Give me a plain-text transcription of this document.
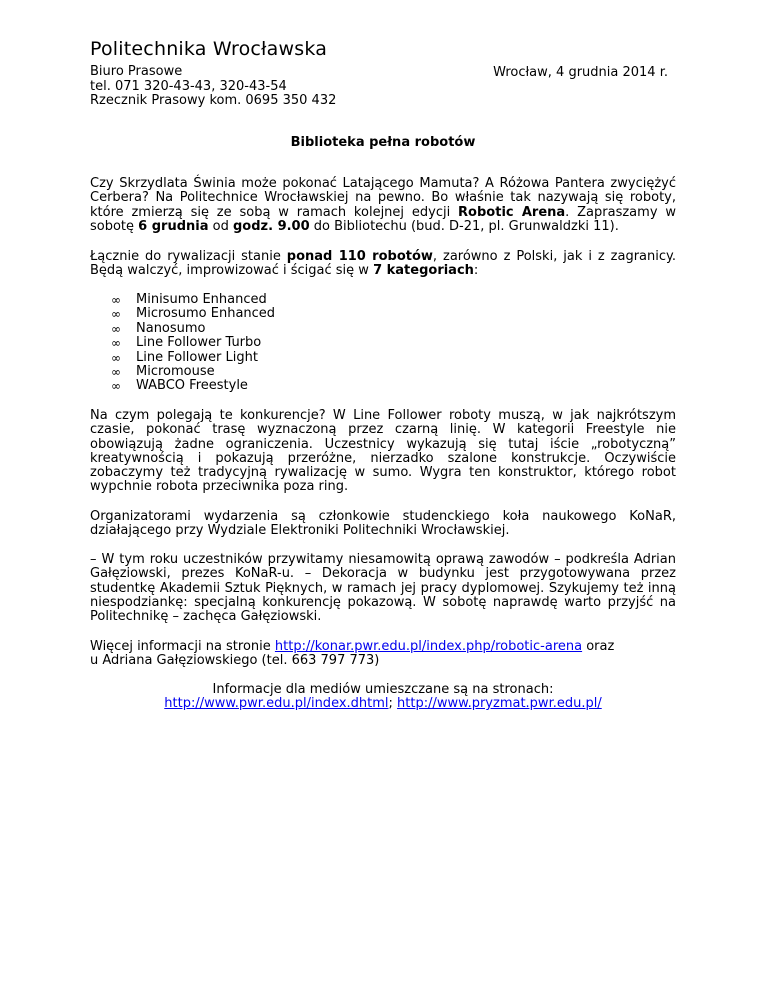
Politechnika Wrocławska
Biuro Prasowe
tel. 071 320-43-43, 320-43-54
Rzecznik Prasowy kom. 0695 350 432
Wrocław, 4 grudnia 2014 r.
Biblioteka pełna robotów
Czy Skrzydlata Świnia może pokonać Latającego Mamuta? A Różowa Pantera zwyciężyć Cerbera? Na Politechnice Wrocławskiej na pewno. Bo właśnie tak nazywają się roboty, które zmierzą się ze sobą w ramach kolejnej edycji Robotic Arena. Zapraszamy w sobotę 6 grudnia od godz. 9.00 do Bibliotechu (bud. D-21, pl. Grunwaldzki 11).
Łącznie do rywalizacji stanie ponad 110 robotów, zarówno z Polski, jak i z zagranicy. Będą walczyć, improwizować i ścigać się w 7 kategoriach:
∞ Minisumo Enhanced
∞ Microsumo Enhanced
∞ Nanosumo
∞ Line Follower Turbo
∞ Line Follower Light
∞ Micromouse
∞ WABCO Freestyle
Na czym polegają te konkurencje? W Line Follower roboty muszą, w jak najkrótszym czasie, pokonać trasę wyznaczoną przez czarną linię. W kategorii Freestyle nie obowiązują żadne ograniczenia. Uczestnicy wykazują się tutaj iście „robotyczną” kreatywnością i pokazują przeróżne, nierzadko szalone konstrukcje. Oczywiście zobaczymy też tradycyjną rywalizację w sumo. Wygra ten konstruktor, którego robot wypchnie robota przeciwnika poza ring.
Organizatorami wydarzenia są członkowie studenckiego koła naukowego KoNaR, działającego przy Wydziale Elektroniki Politechniki Wrocławskiej.
– W tym roku uczestników przywitamy niesamowitą oprawą zawodów – podkreśla Adrian Gałęziowski, prezes KoNaR-u. – Dekoracja w budynku jest przygotowywana przez studentkę Akademii Sztuk Pięknych, w ramach jej pracy dyplomowej. Szykujemy też inną niespodziankę: specjalną konkurencję pokazową. W sobotę naprawdę warto przyjść na Politechnikę – zachęca Gałęziowski.
Więcej informacji na stronie http://konar.pwr.edu.pl/index.php/robotic-arena oraz
u Adriana Gałęziowskiego (tel. 663 797 773)
Informacje dla mediów umieszczane są na stronach:
http://www.pwr.edu.pl/index.dhtml; http://www.pryzmat.pwr.edu.pl/
